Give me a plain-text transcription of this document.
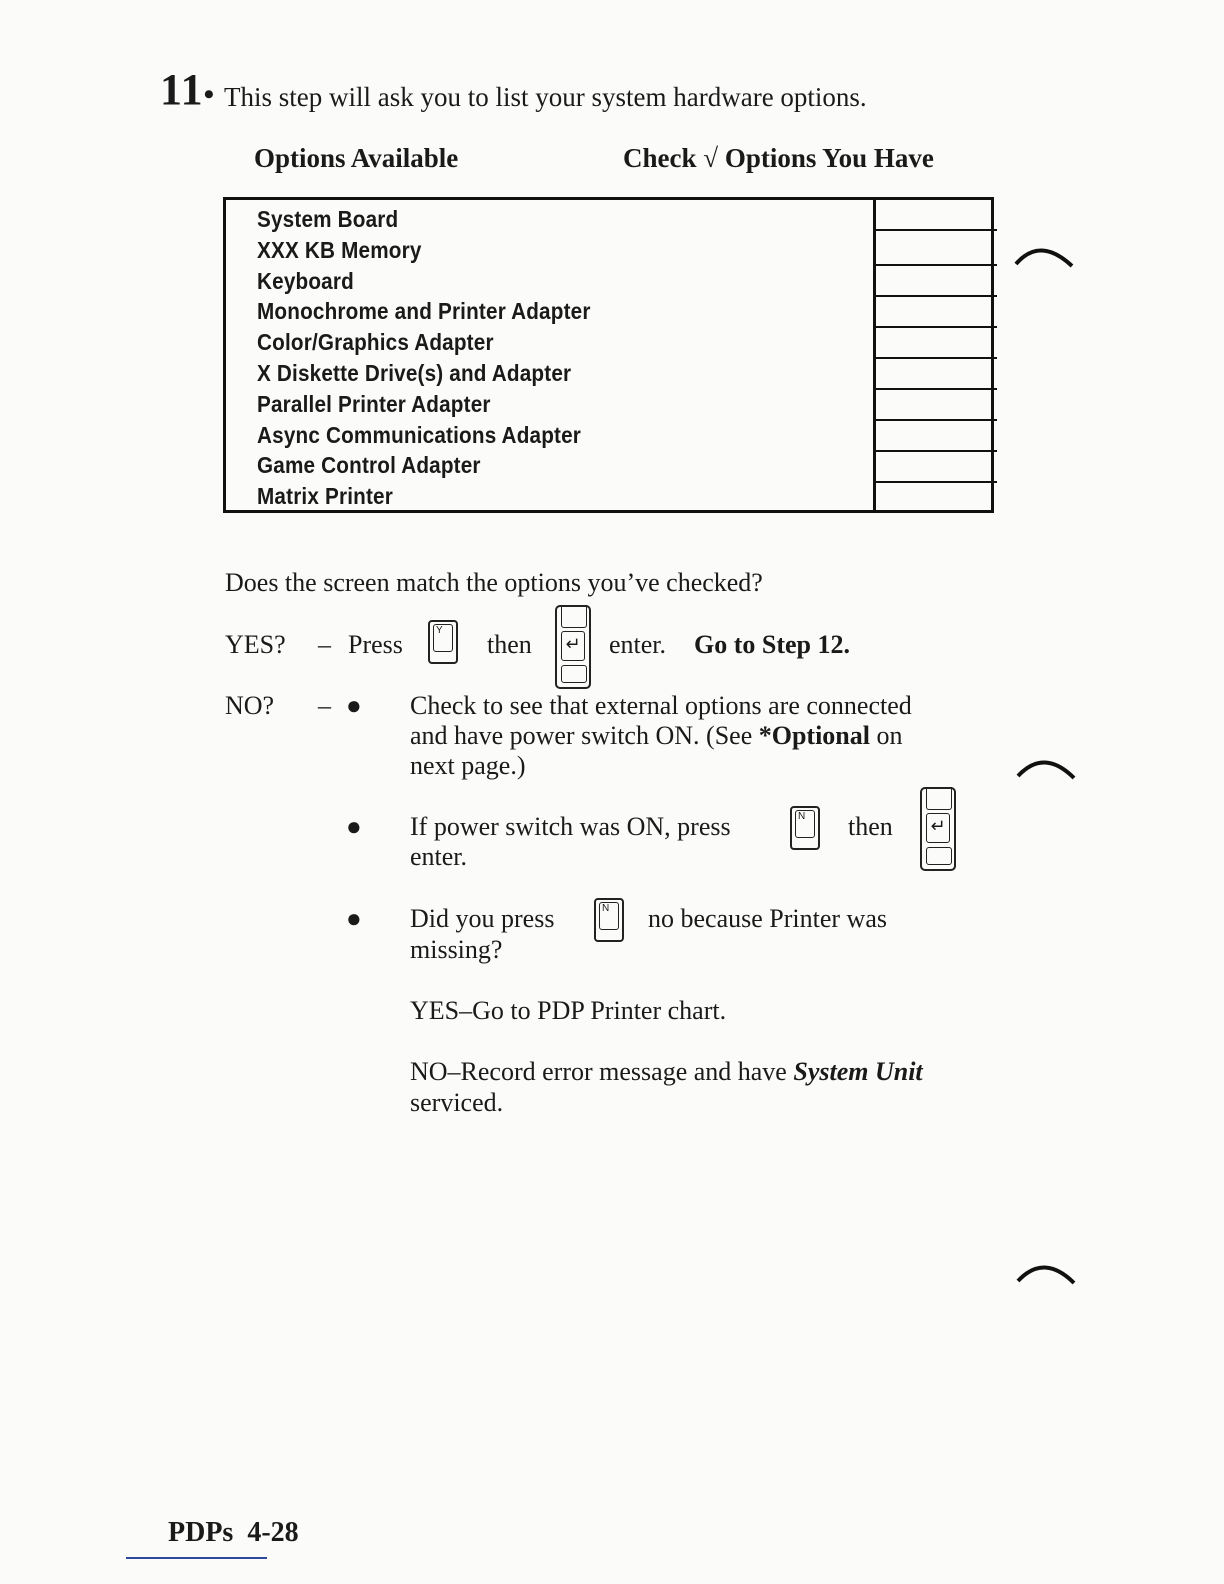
11• This step will ask you to list your system hardware options.
Options Available	Check √ Options You Have
System Board
XXX KB Memory
Keyboard
Monochrome and Printer Adapter
Color/Graphics Adapter
X Diskette Drive(s) and Adapter
Parallel Printer Adapter
Async Communications Adapter
Game Control Adapter
Matrix Printer
Does the screen match the options you’ve checked?
YES? – Press	Y	then ↵ enter. Go to Step 12.
NO? – ● Check to see that external options are connected
and have power switch ON. (See *Optional on
next page.)
● If power switch was ON, press	N	then ↵
enter.
● Did you press	N	no because Printer was
missing?
YES–Go to PDP Printer chart.
NO–Record error message and have System Unit
serviced.
PDPs 4-28
